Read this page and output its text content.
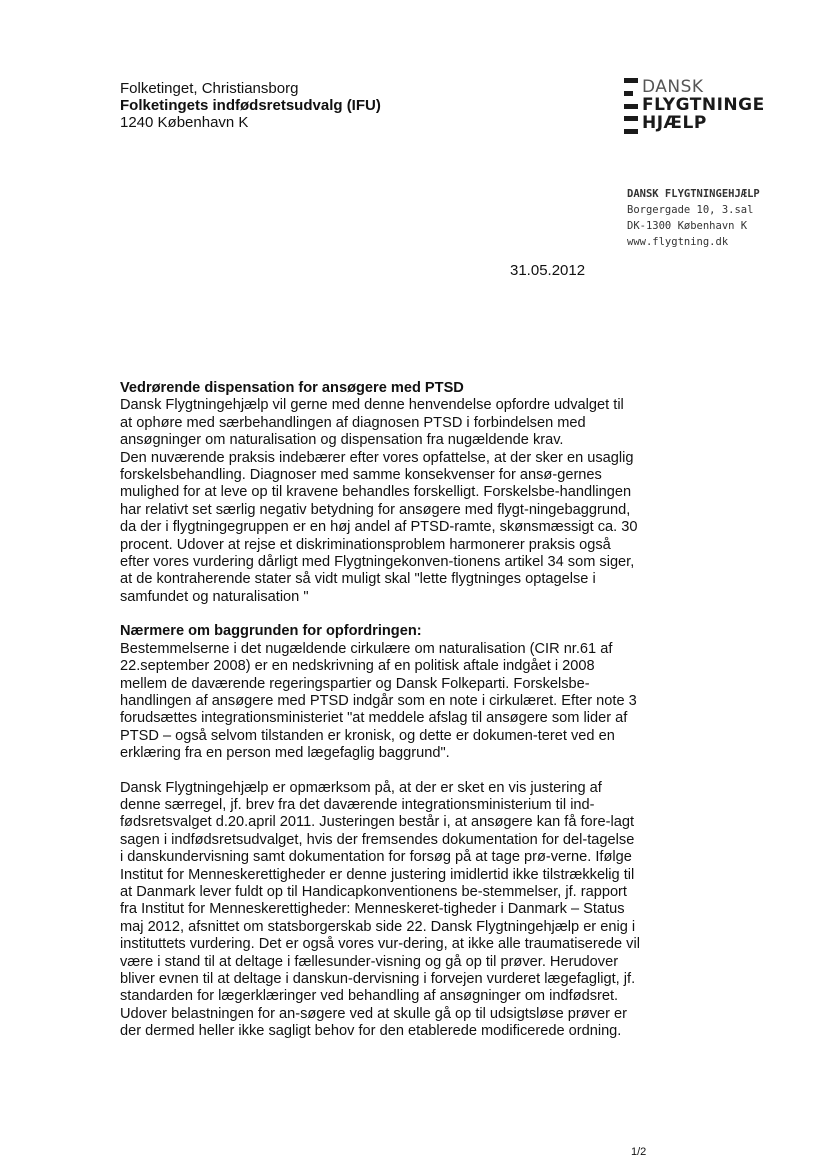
Folketinget, Christiansborg
Folketingets indfødsretsudvalg (IFU)
1240 København K
DANSK
FLYGTNINGE
HJÆLP
DANSK FLYGTNINGEHJÆLP
Borgergade 10, 3.sal
DK-1300 København K
www.flygtning.dk
31.05.2012
Vedrørende dispensation for ansøgere med PTSD

Dansk Flygtningehjælp vil gerne med denne henvendelse opfordre udvalget til at ophøre med særbehandlingen af diagnosen PTSD i forbindelsen med ansøgninger om naturalisation og dispensation fra nugældende krav.

Den nuværende praksis indebærer efter vores opfattelse, at der sker en usaglig forskelsbehandling. Diagnoser med samme konsekvenser for ansø-gernes mulighed for at leve op til kravene behandles forskelligt. Forskelsbe-handlingen har relativt set særlig negativ betydning for ansøgere med flygt-ningebaggrund, da der i flygtningegruppen er en høj andel af PTSD-ramte, skønsmæssigt ca. 30 procent. Udover at rejse et diskriminationsproblem harmonerer praksis også efter vores vurdering dårligt med Flygtningekonven-tionens artikel 34 som siger, at de kontraherende stater så vidt muligt skal "lette flygtninges optagelse i samfundet og naturalisation "

Nærmere om baggrunden for opfordringen:

Bestemmelserne i det nugældende cirkulære om naturalisation (CIR nr.61 af 22.september 2008) er en nedskrivning af en politisk aftale indgået i 2008 mellem de daværende regeringspartier og Dansk Folkeparti. Forskelsbe-handlingen af ansøgere med PTSD indgår som en note i cirkulæret. Efter note 3 forudsættes integrationsministeriet "at meddele afslag til ansøgere som lider af PTSD – også selvom tilstanden er kronisk, og dette er dokumen-teret ved en erklæring fra en person med lægefaglig baggrund".

Dansk Flygtningehjælp er opmærksom på, at der er sket en vis justering af denne særregel, jf. brev fra det daværende integrationsministerium til ind-fødsretsvalget d.20.april 2011. Justeringen består i, at ansøgere kan få fore-lagt sagen i indfødsretsudvalget, hvis der fremsendes dokumentation for del-tagelse i danskundervisning samt dokumentation for forsøg på at tage prø-verne. Ifølge Institut for Menneskerettigheder er denne justering imidlertid ikke tilstrækkelig til at Danmark lever fuldt op til Handicapkonventionens be-stemmelser, jf. rapport fra Institut for Menneskerettigheder: Menneskeret-tigheder i Danmark – Status maj 2012, afsnittet om statsborgerskab side 22. Dansk Flygtningehjælp er enig i instituttets vurdering. Det er også vores vur-dering, at ikke alle traumatiserede vil være i stand til at deltage i fællesunder-visning og gå op til prøver. Herudover bliver evnen til at deltage i danskun-dervisning i forvejen vurderet lægefagligt, jf. standarden for lægerklæringer ved behandling af ansøgninger om indfødsret. Udover belastningen for an-søgere ved at skulle gå op til udsigtsløse prøver er der dermed heller ikke sagligt behov for den etablerede modificerede ordning.

1/2
